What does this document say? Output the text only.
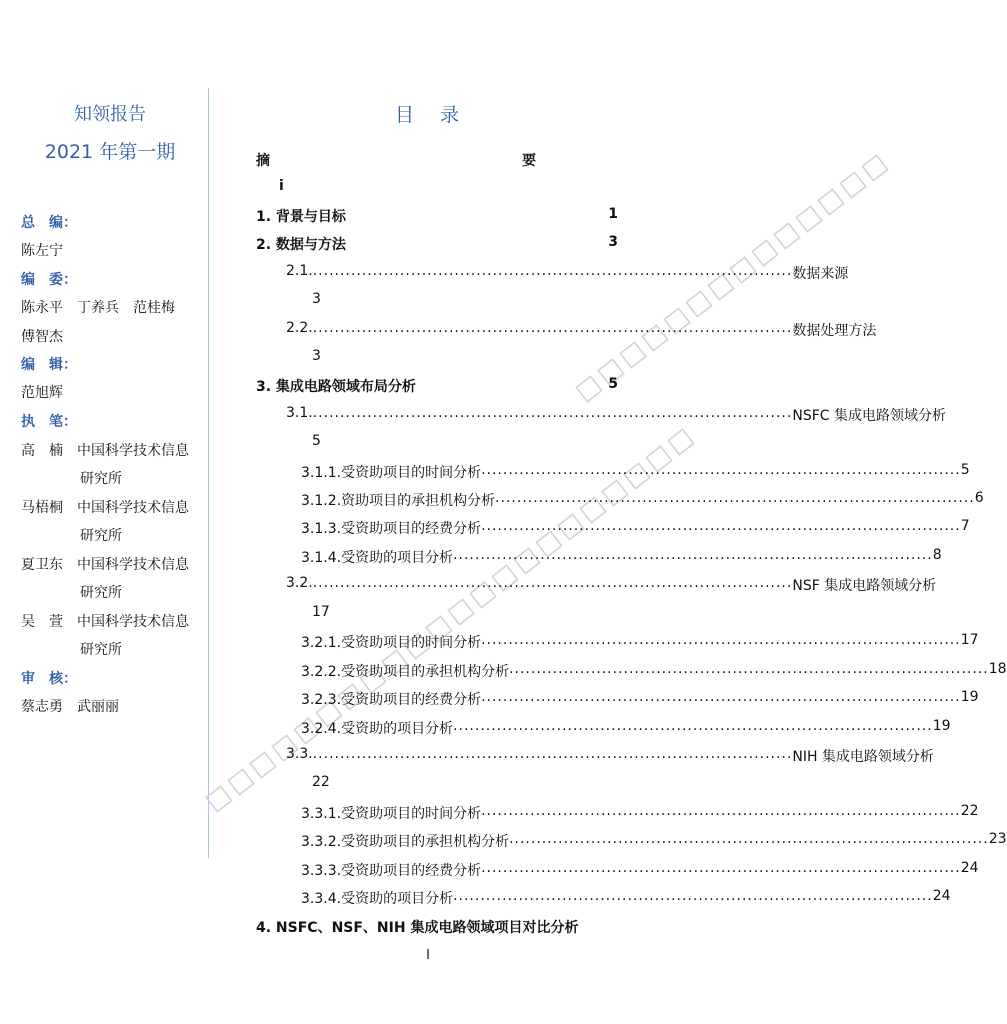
知领报告
2021 年第一期
总　编：
陈左宁
编　委：
陈永平　丁养兵　范桂梅
傅智杰
编　辑：
范旭辉
执　笔：
高　楠 中国科学技术信息
研究所
马梧桐 中国科学技术信息
研究所
夏卫东 中国科学技术信息
研究所
吴　萱 中国科学技术信息
研究所
审　核：
蔡志勇　武丽丽
目 录
摘	要
i
1. 背景与目标	1
2. 数据与方法	3
2.1. ........................................................................................ 数据来源
3
2.2. ........................................................................................ 数据处理方法
3
3. 集成电路领域布局分析	5
3.1. ........................................................................................ NSFC 集成电路领域分析
5
3.1.1.受资助项目的时间分析 ........................................................................................ 5
3.1.2.资助项目的承担机构分析 ........................................................................................ 6
3.1.3.受资助项目的经费分析 ........................................................................................ 7
3.1.4.受资助的项目分析 ........................................................................................ 8
3.2. ........................................................................................ NSF 集成电路领域分析
17
3.2.1.受资助项目的时间分析 ........................................................................................ 17
3.2.2.受资助项目的承担机构分析 ........................................................................................ 18
3.2.3.受资助项目的经费分析 ........................................................................................ 19
3.2.4.受资助的项目分析 ........................................................................................ 19
3.3. ........................................................................................ NIH 集成电路领域分析
22
3.3.1.受资助项目的时间分析 ........................................................................................ 22
3.3.2.受资助项目的承担机构分析 ........................................................................................ 23
3.3.3.受资助项目的经费分析 ........................................................................................ 24
3.3.4.受资助的项目分析 ........................................................................................ 24
4. NSFC、NSF、NIH 集成电路领域项目对比分析
I
